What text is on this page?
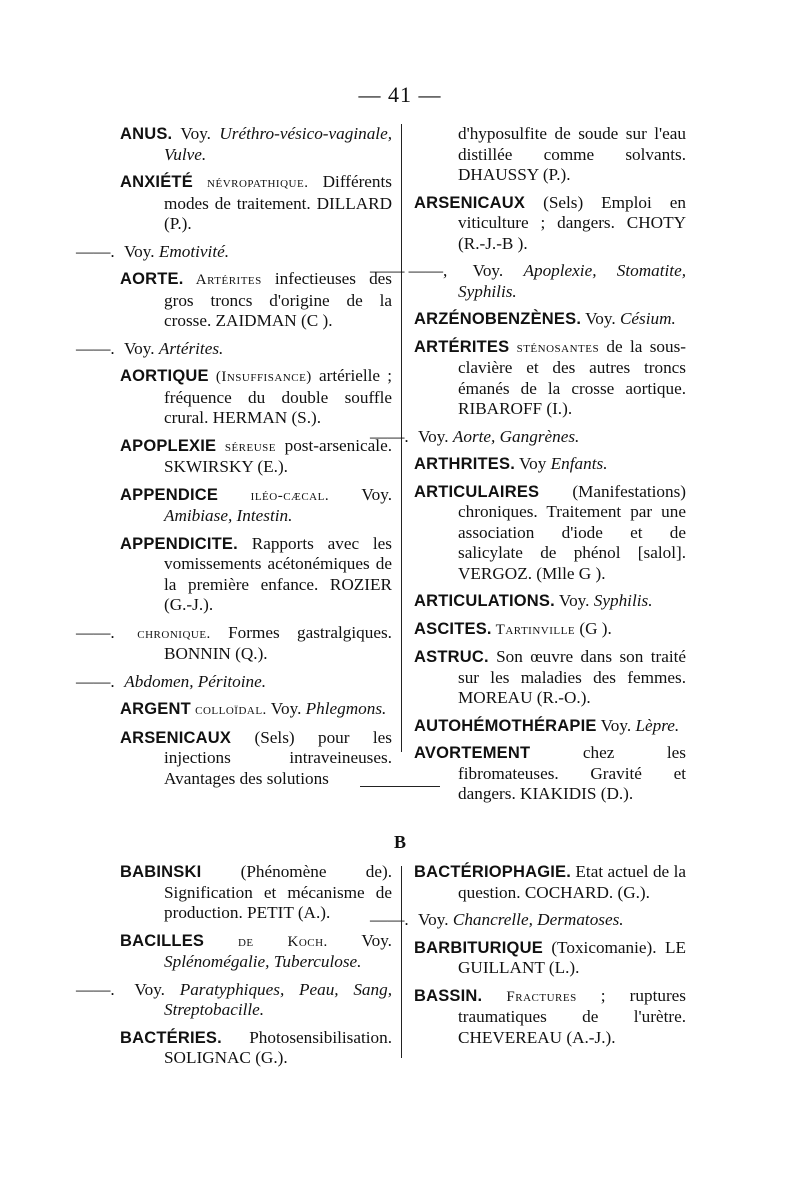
— 41 —
ANUS. Voy. Uréthro-vésico-vaginale, Vulve.
ANXIÉTÉ névropathique. Différents modes de traitement. DILLARD (P.).
——. Voy. Emotivité.
AORTE. Artérites infectieuses des gros troncs d'origine de la crosse. ZAIDMAN (C ).
——. Voy. Artérites.
AORTIQUE (Insuffisance) artérielle ; fréquence du double souffle crural. HERMAN (S.).
APOPLEXIE séreuse post-arsenicale. SKWIRSKY (E.).
APPENDICE iléo-cæcal. Voy. Amibiase, Intestin.
APPENDICITE. Rapports avec les vomissements acétonémiques de la première enfance. ROZIER (G.-J.).
——. chronique. Formes gastralgiques. BONNIN (Q.).
——. Abdomen, Péritoine.
ARGENT colloïdal. Voy. Phlegmons.
ARSENICAUX (Sels) pour les injections intraveineuses. Avantages des solutions
d'hyposulfite de soude sur l'eau distillée comme solvants. DHAUSSY (P.).
ARSENICAUX (Sels) Emploi en viticulture ; dangers. CHOTY (R.-J.-B ).
—— ——, Voy. Apoplexie, Stomatite, Syphilis.
ARZÉNOBENZÈNES. Voy. Césium.
ARTÉRITES sténosantes de la sous-clavière et des autres troncs émanés de la crosse aortique. RIBAROFF (I.).
——. Voy. Aorte, Gangrènes.
ARTHRITES. Voy Enfants.
ARTICULAIRES (Manifestations) chroniques. Traitement par une association d'iode et de salicylate de phénol [salol]. VERGOZ. (Mlle G ).
ARTICULATIONS. Voy. Syphilis.
ASCITES. Tartinville (G ).
ASTRUC. Son œuvre dans son traité sur les maladies des femmes. MOREAU (R.-O.).
AUTOHÉMOTHÉRAPIE Voy. Lèpre.
AVORTEMENT chez les fibromateuses. Gravité et dangers. KIAKIDIS (D.).
B
BABINSKI (Phénomène de). Signification et mécanisme de production. PETIT (A.).
BACILLES de Koch. Voy. Splénomégalie, Tuberculose.
——. Voy. Paratyphiques, Peau, Sang, Streptobacille.
BACTÉRIES. Photosensibilisation. SOLIGNAC (G.).
BACTÉRIOPHAGIE. Etat actuel de la question. COCHARD. (G.).
——. Voy. Chancrelle, Dermatoses.
BARBITURIQUE (Toxicomanie). LE GUILLANT (L.).
BASSIN. Fractures ; ruptures traumatiques de l'urètre. CHEVEREAU (A.-J.).
